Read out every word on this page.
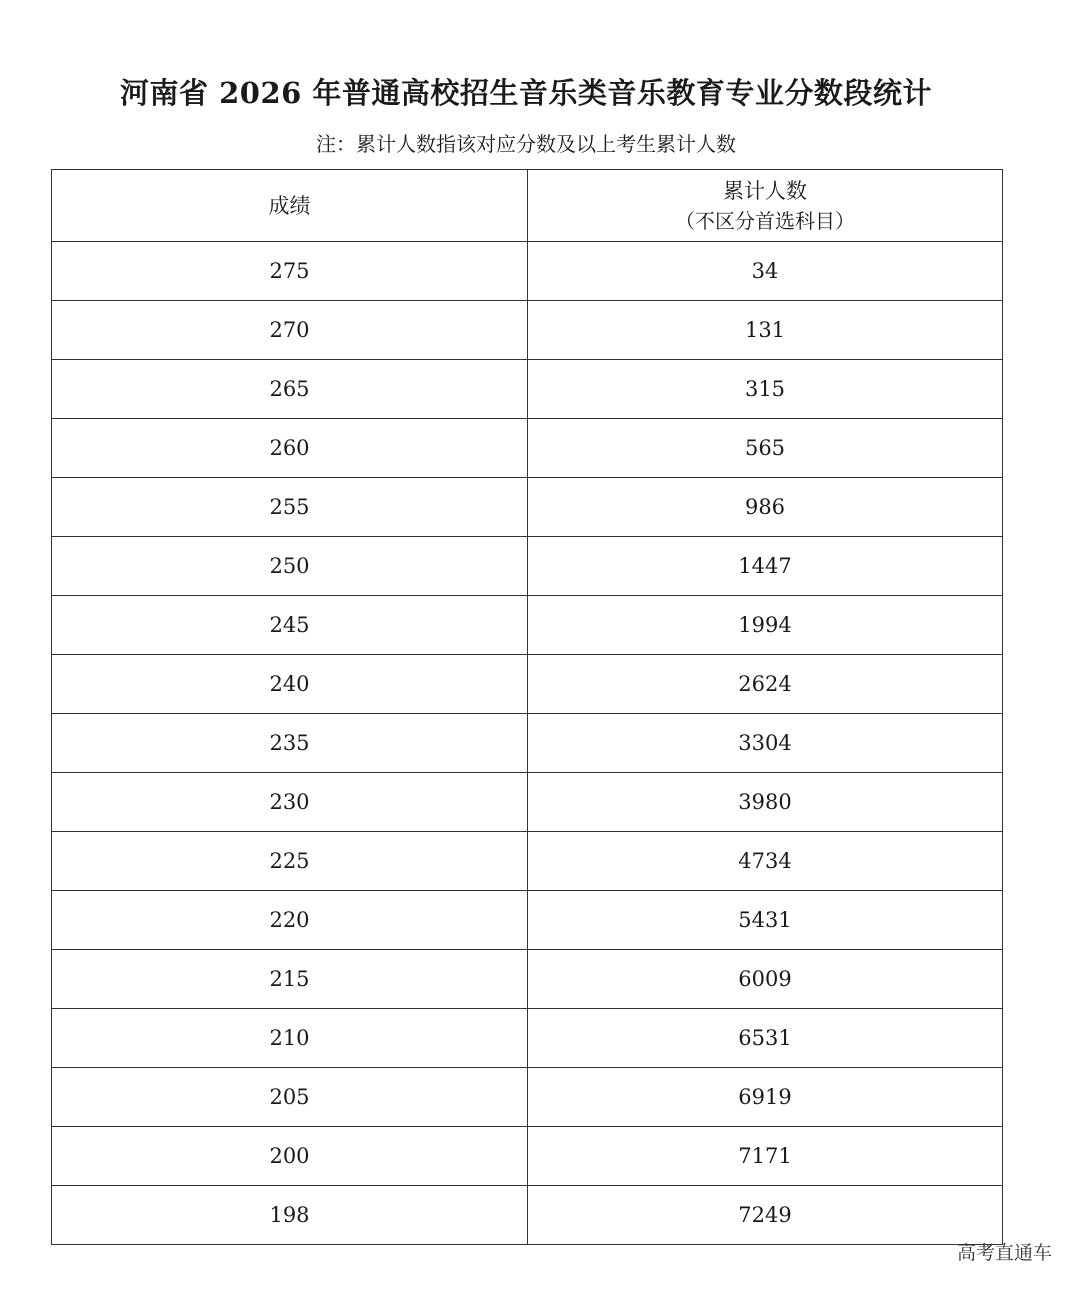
河南省 2026 年普通高校招生音乐类音乐教育专业分数段统计

注：累计人数指该对应分数及以上考生累计人数

成绩	累计人数
（不区分首选科目）

275	34
270	131
265	315
260	565
255	986
250	1447
245	1994
240	2624
235	3304
230	3980
225	4734
220	5431
215	6009
210	6531
205	6919
200	7171
198	7249
高考直通车
